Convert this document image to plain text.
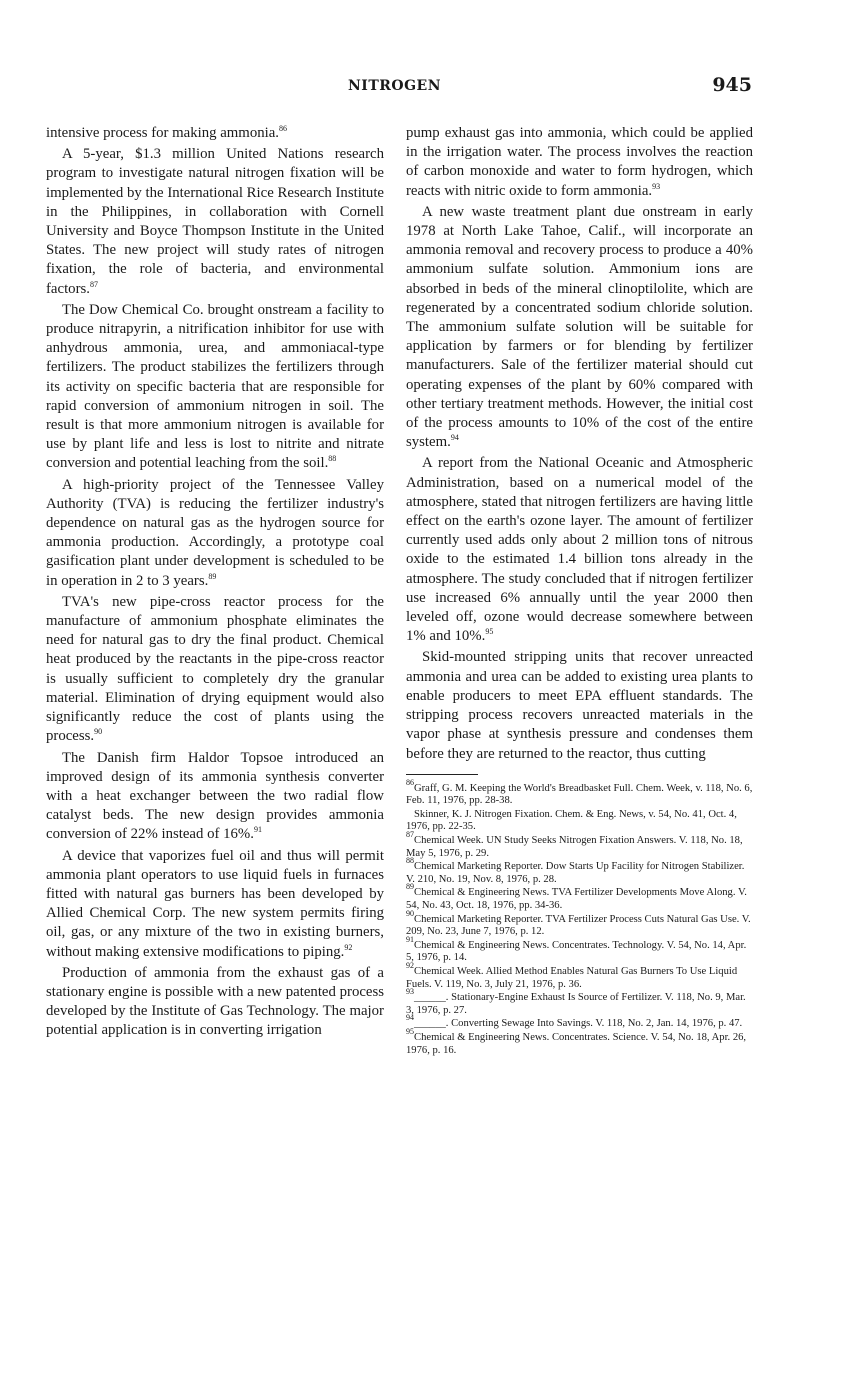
NITROGEN	945

intensive process for making ammonia.$^{86}$

A 5-year, $1.3 million United Nations research program to investigate natural nitrogen fixation will be implemented by the International Rice Research Institute in the Philippines, in collaboration with Cornell University and Boyce Thompson Institute in the United States. The new project will study rates of nitrogen fixation, the role of bacteria, and environmental factors.$^{87}$

The Dow Chemical Co. brought onstream a facility to produce nitrapyrin, a nitrification inhibitor for use with anhydrous ammonia, urea, and ammoniacal-type fertilizers. The product stabilizes the fertilizers through its activity on specific bacteria that are responsible for rapid conversion of ammonium nitrogen in soil. The result is that more ammonium nitrogen is available for use by plant life and less is lost to nitrite and nitrate conversion and potential leaching from the soil.$^{88}$

A high-priority project of the Tennessee Valley Authority (TVA) is reducing the fertilizer industry's dependence on natural gas as the hydrogen source for ammonia production. Accordingly, a prototype coal gasification plant under development is scheduled to be in operation in 2 to 3 years.$^{89}$

TVA's new pipe-cross reactor process for the manufacture of ammonium phosphate eliminates the need for natural gas to dry the final product. Chemical heat produced by the reactants in the pipe-cross reactor is usually sufficient to completely dry the granular material. Elimination of drying equipment would also significantly reduce the cost of plants using the process.$^{90}$

The Danish firm Haldor Topsoe introduced an improved design of its ammonia synthesis converter with a heat exchanger between the two radial flow catalyst beds. The new design provides ammonia conversion of 22% instead of 16%.$^{91}$

A device that vaporizes fuel oil and thus will permit ammonia plant operators to use liquid fuels in furnaces fitted with natural gas burners has been developed by Allied Chemical Corp. The new system permits firing oil, gas, or any mixture of the two in existing burners, without making extensive modifications to piping.$^{92}$

Production of ammonia from the exhaust gas of a stationary engine is possible with a new patented process developed by the Institute of Gas Technology. The major potential application is in converting irrigation

pump exhaust gas into ammonia, which could be applied in the irrigation water. The process involves the reaction of carbon monoxide and water to form hydrogen, which reacts with nitric oxide to form ammonia.$^{93}$

A new waste treatment plant due onstream in early 1978 at North Lake Tahoe, Calif., will incorporate an ammonia removal and recovery process to produce a 40% ammonium sulfate solution. Ammonium ions are absorbed in beds of the mineral clinoptilolite, which are regenerated by a concentrated sodium chloride solution. The ammonium sulfate solution will be suitable for application by farmers or for blending by fertilizer manufacturers. Sale of the fertilizer material should cut operating expenses of the plant by 60% compared with other tertiary treatment methods. However, the initial cost of the process amounts to 10% of the cost of the entire system.$^{94}$

A report from the National Oceanic and Atmospheric Administration, based on a numerical model of the atmosphere, stated that nitrogen fertilizers are having little effect on the earth's ozone layer. The amount of fertilizer currently used adds only about 2 million tons of nitrous oxide to the estimated 1.4 billion tons already in the atmosphere. The study concluded that if nitrogen fertilizer use increased 6% annually until the year 2000 then leveled off, ozone would decrease somewhere between 1% and 10%.$^{95}$

Skid-mounted stripping units that recover unreacted ammonia and urea can be added to existing urea plants to enable producers to meet EPA effluent standards. The stripping process recovers unreacted materials in the vapor phase at synthesis pressure and condenses them before they are returned to the reactor, thus cutting

$^{86}$Graff, G. M. Keeping the World's Breadbasket Full. Chem. Week, v. 118, No. 6, Feb. 11, 1976, pp. 28-38.

Skinner, K. J. Nitrogen Fixation. Chem. & Eng. News, v. 54, No. 41, Oct. 4, 1976, pp. 22-35.

$^{87}$Chemical Week. UN Study Seeks Nitrogen Fixation Answers. V. 118, No. 18, May 5, 1976, p. 29.

$^{88}$Chemical Marketing Reporter. Dow Starts Up Facility for Nitrogen Stabilizer. V. 210, No. 19, Nov. 8, 1976, p. 28.

$^{89}$Chemical & Engineering News. TVA Fertilizer Developments Move Along. V. 54, No. 43, Oct. 18, 1976, pp. 34-36.

$^{90}$Chemical Marketing Reporter. TVA Fertilizer Process Cuts Natural Gas Use. V. 209, No. 23, June 7, 1976, p. 12.

$^{91}$Chemical & Engineering News. Concentrates. Technology. V. 54, No. 14, Apr. 5, 1976, p. 14.

$^{92}$Chemical Week. Allied Method Enables Natural Gas Burners To Use Liquid Fuels. V. 119, No. 3, July 21, 1976, p. 36.

$^{93}$______. Stationary-Engine Exhaust Is Source of Fertilizer. V. 118, No. 9, Mar. 3, 1976, p. 27.

$^{94}$______. Converting Sewage Into Savings. V. 118, No. 2, Jan. 14, 1976, p. 47.

$^{95}$Chemical & Engineering News. Concentrates. Science. V. 54, No. 18, Apr. 26, 1976, p. 16.
